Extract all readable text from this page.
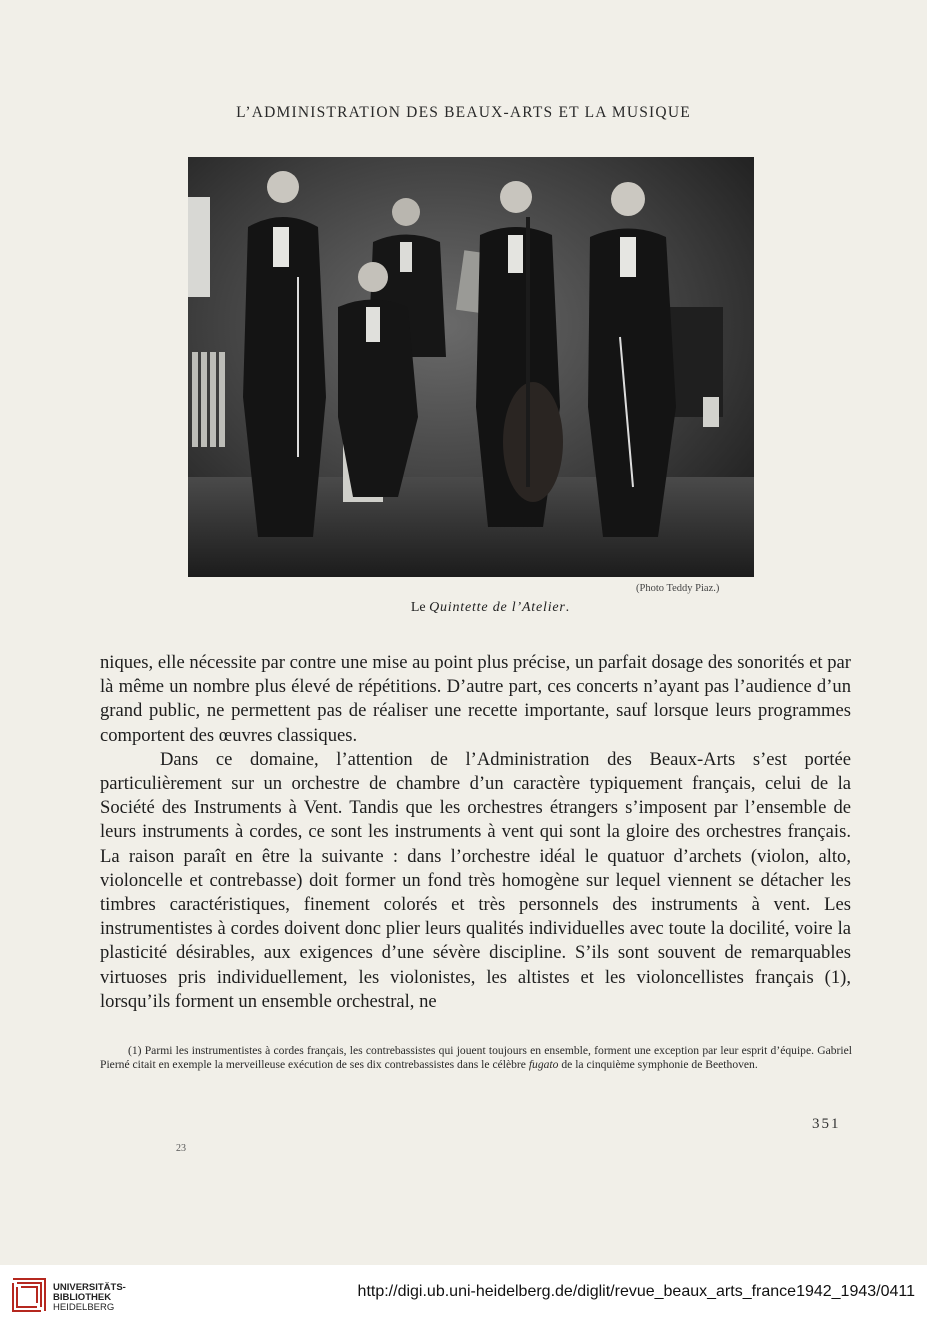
L’ADMINISTRATION DES BEAUX-ARTS ET LA MUSIQUE
(Photo Teddy Piaz.)
Le Quintette de l’Atelier.

niques, elle nécessite par contre une mise au point plus précise, un parfait dosage des sonorités et par là même un nombre plus élevé de répétitions. D’autre part, ces concerts n’ayant pas l’audience d’un grand public, ne permettent pas de réaliser une recette importante, sauf lorsque leurs programmes comportent des œuvres classiques.

Dans ce domaine, l’attention de l’Administration des Beaux-Arts s’est portée particulièrement sur un orchestre de chambre d’un caractère typiquement français, celui de la Société des Instruments à Vent. Tandis que les orchestres étrangers s’imposent par l’ensemble de leurs instruments à cordes, ce sont les instruments à vent qui sont la gloire des orchestres français. La raison paraît en être la suivante : dans l’orchestre idéal le quatuor d’archets (violon, alto, violoncelle et contrebasse) doit former un fond très homogène sur lequel viennent se détacher les timbres caractéristiques, finement colorés et très personnels des instruments à vent. Les instrumentistes à cordes doivent donc plier leurs qualités individuelles avec toute la docilité, voire la plasticité désirables, aux exigences d’une sévère discipline. S’ils sont souvent de remarquables virtuoses pris individuellement, les violonistes, les altistes et les violoncellistes français (1), lorsqu’ils forment un ensemble orchestral, ne

(1) Parmi les instrumentistes à cordes français, les contrebassistes qui jouent toujours en ensemble, forment une exception par leur esprit d’équipe. Gabriel Pierné citait en exemple la merveilleuse exécution de ses dix contrebassistes dans le célèbre fugato de la cinquième symphonie de Beethoven.

351
23
UNIVERSITÄTS-
BIBLIOTHEK
HEIDELBERG
http://digi.ub.uni-heidelberg.de/diglit/revue_beaux_arts_france1942_1943/0411
